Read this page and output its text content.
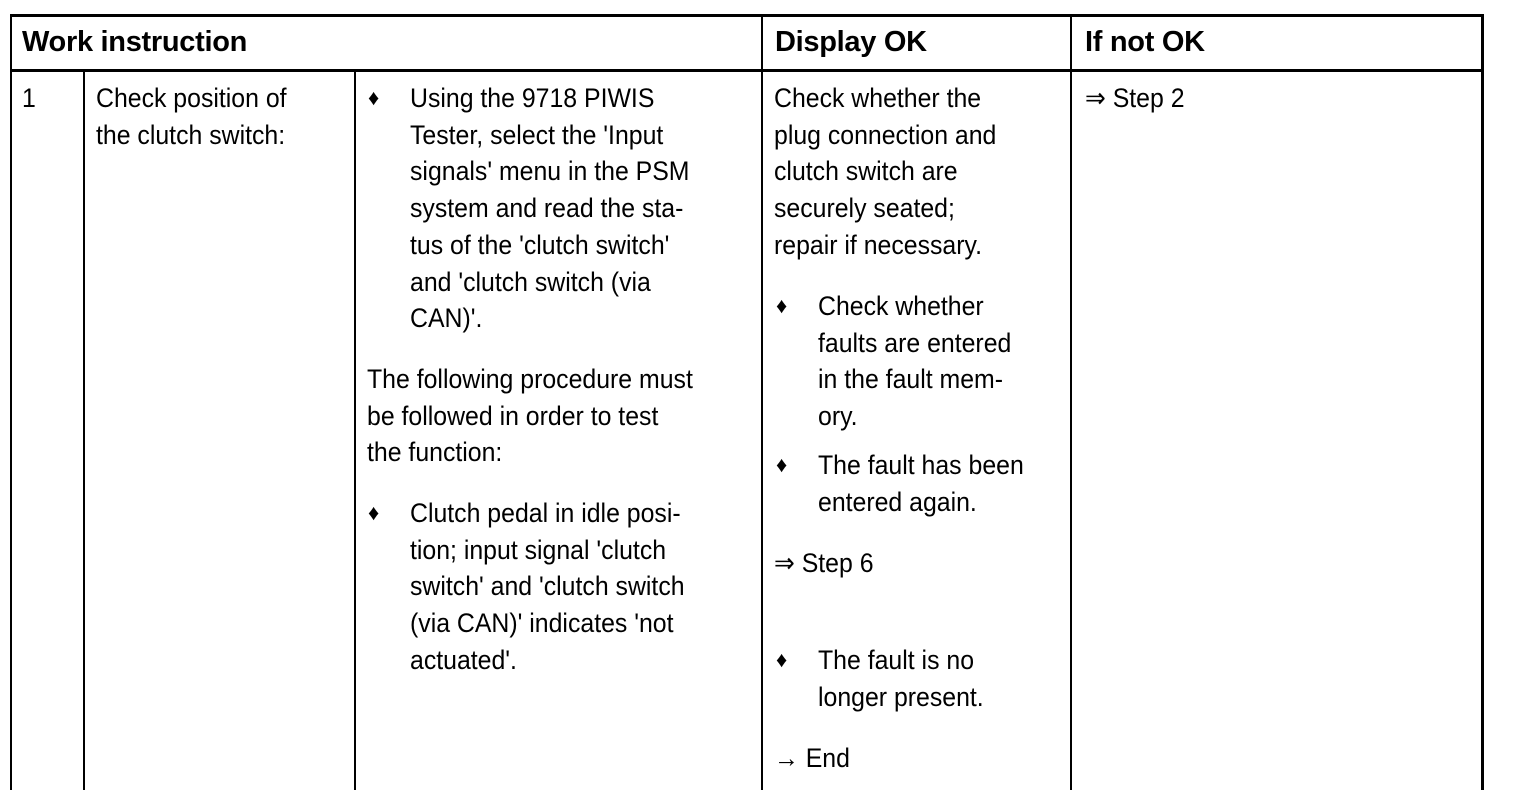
Work instruction	Display OK	If not OK
1 Check position of
the clutch switch:
♦ Using the 9718 PIWIS
Tester, select the 'Input
signals' menu in the PSM
system and read the sta-
tus of the 'clutch switch'
and 'clutch switch (via
CAN)'.
The following procedure must
be followed in order to test
the function:
♦ Clutch pedal in idle posi-
tion; input signal 'clutch
switch' and 'clutch switch
(via CAN)' indicates 'not
actuated'.
Check whether the
plug connection and
clutch switch are
securely seated;
repair if necessary.
♦ Check whether
faults are entered
in the fault mem-
ory.
♦ The fault has been
entered again.
⇒ Step 6
♦ The fault is no
longer present.
→ End
⇒ Step 2
